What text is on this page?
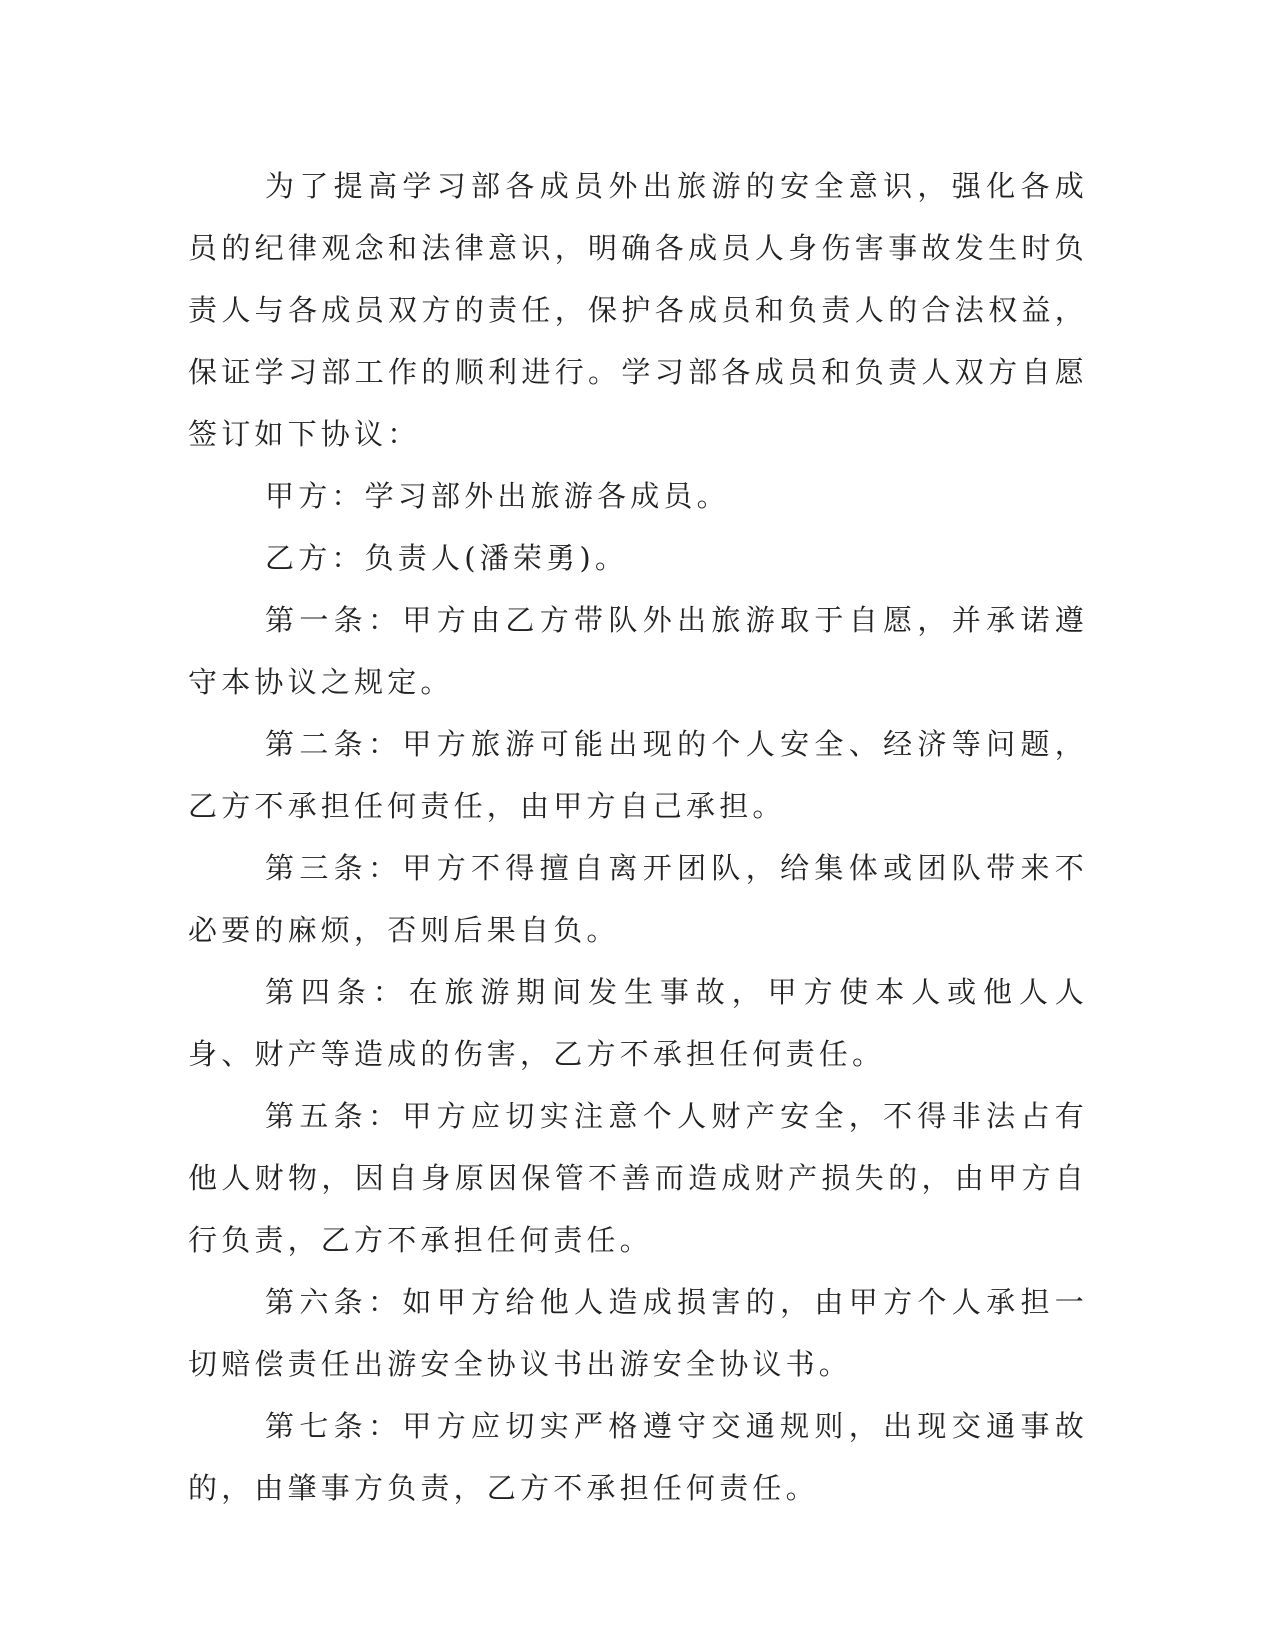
为了提高学习部各成员外出旅游的安全意识，强化各成员的纪律观念和法律意识，明确各成员人身伤害事故发生时负责人与各成员双方的责任，保护各成员和负责人的合法权益，保证学习部工作的顺利进行。学习部各成员和负责人双方自愿签订如下协议：

甲方：学习部外出旅游各成员。

乙方：负责人(潘荣勇)。

第一条：甲方由乙方带队外出旅游取于自愿，并承诺遵守本协议之规定。

第二条：甲方旅游可能出现的个人安全、经济等问题，乙方不承担任何责任，由甲方自己承担。

第三条：甲方不得擅自离开团队，给集体或团队带来不必要的麻烦，否则后果自负。

第四条：在旅游期间发生事故，甲方使本人或他人人身、财产等造成的伤害，乙方不承担任何责任。

第五条：甲方应切实注意个人财产安全，不得非法占有他人财物，因自身原因保管不善而造成财产损失的，由甲方自行负责，乙方不承担任何责任。

第六条：如甲方给他人造成损害的，由甲方个人承担一切赔偿责任出游安全协议书出游安全协议书。

第七条：甲方应切实严格遵守交通规则，出现交通事故的，由肇事方负责，乙方不承担任何责任。
